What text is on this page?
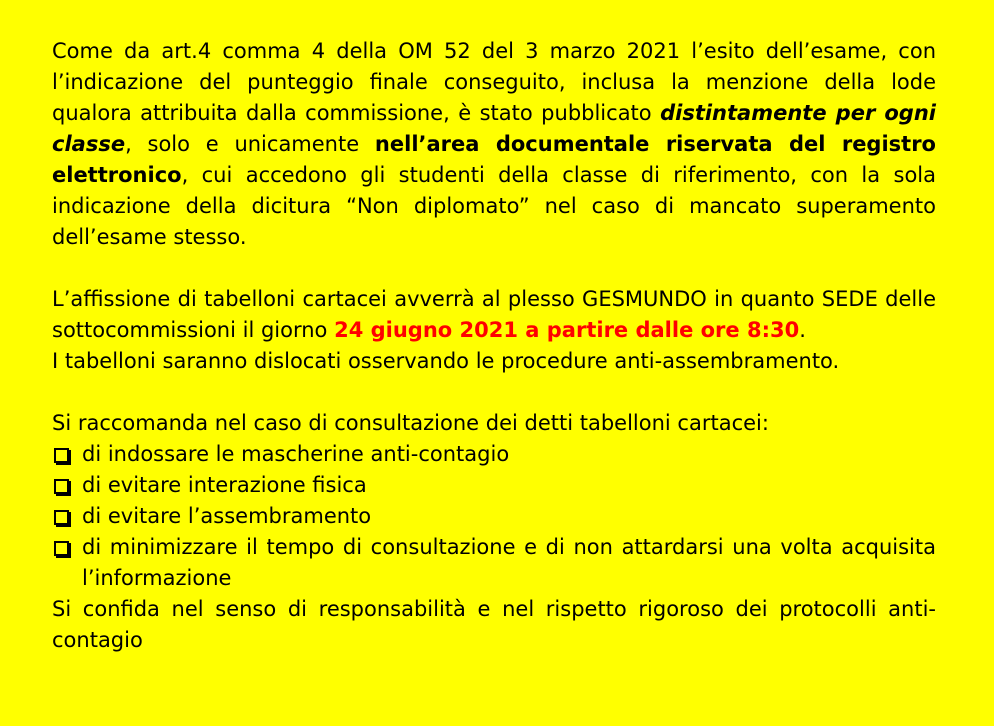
Come da art.4 comma 4 della OM 52 del 3 marzo 2021 l’esito dell’esame, con l’indicazione del punteggio finale conseguito, inclusa la menzione della lode qualora attribuita dalla commissione, è stato pubblicato distintamente per ogni classe, solo e unicamente nell’area documentale riservata del registro elettronico, cui accedono gli studenti della classe di riferimento, con la sola indicazione della dicitura “Non diplomato” nel caso di mancato superamento dell’esame stesso.

L’affissione di tabelloni cartacei avverrà al plesso GESMUNDO in quanto SEDE delle sottocommissioni il giorno 24 giugno 2021 a partire dalle ore 8:30.

I tabelloni saranno dislocati osservando le procedure anti-assembramento.

Si raccomanda nel caso di consultazione dei detti tabelloni cartacei:

di indossare le mascherine anti-contagio
di evitare interazione fisica
di evitare l’assembramento
di minimizzare il tempo di consultazione e di non attardarsi una volta acquisita l’informazione

Si confida nel senso di responsabilità e nel rispetto rigoroso dei protocolli anti-contagio
